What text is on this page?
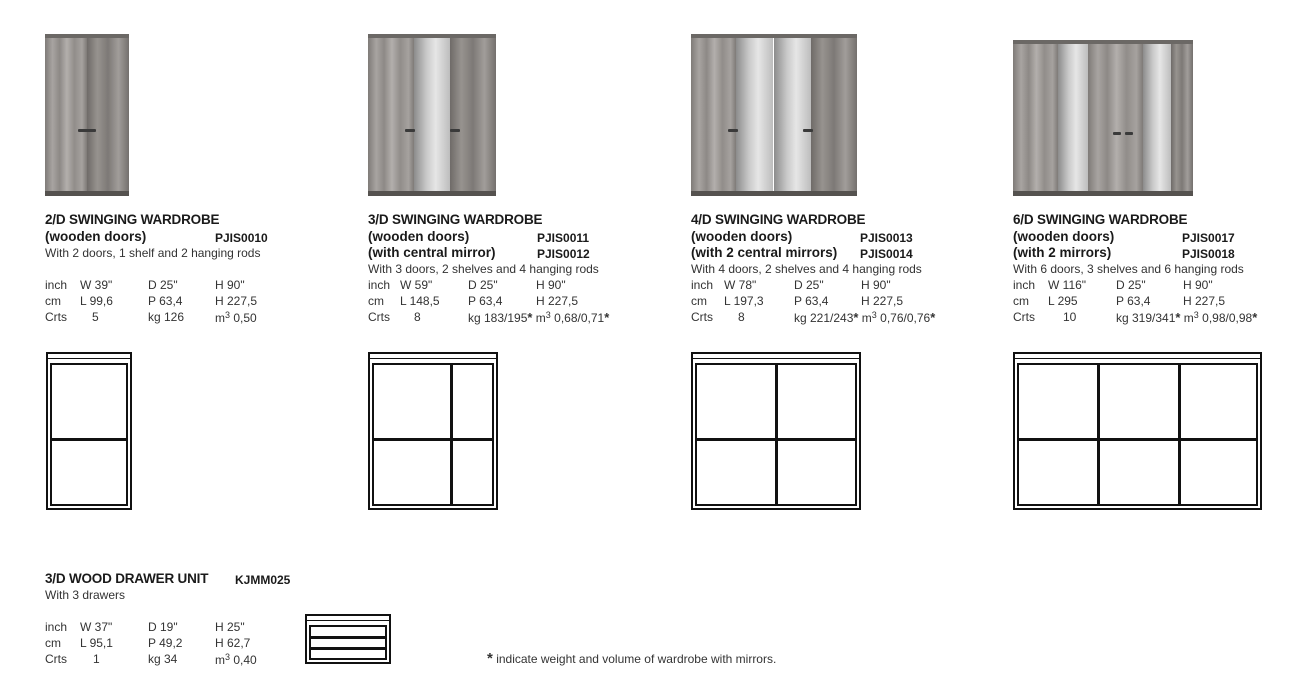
2/D SWINGING WARDROBE
(wooden doors)	PJIS0010
With 2 doors, 1 shelf and 2 hanging rods
inch W 39"	D 25"	H 90"
cm L 99,6	P 63,4	H 227,5
Crts 5	kg 126	$m^3$ 0,50
3/D SWINGING WARDROBE
(wooden doors)	PJIS0011
(with central mirror)	PJIS0012
With 3 doors, 2 shelves and 4 hanging rods
inch W 59"	D 25"	H 90"
cm L 148,5 P 63,4	H 227,5
Crts 8	kg 183/195* $m^3$ 0,68/0,71*
4/D SWINGING WARDROBE
(wooden doors)	PJIS0013
(with 2 central mirrors) PJIS0014
With 4 doors, 2 shelves and 4 hanging rods
inch W 78"	D 25"	H 90"
cm L 197,3	P 63,4	H 227,5
Crts 8	kg 221/243* $m^3$ 0,76/0,76*
6/D SWINGING WARDROBE
(wooden doors)	PJIS0017
(with 2 mirrors)	PJIS0018
With 6 doors, 3 shelves and 6 hanging rods
inch W 116" D 25"	H 90"
cm L 295	P 63,4	H 227,5
Crts 10	kg 319/341* $m^3$ 0,98/0,98*
3/D WOOD DRAWER UNIT KJMM025
With 3 drawers
inch W 37"	D 19"	H 25"
cm L 95,1	P 49,2	H 62,7
Crts 1	kg 34	$m^3$ 0,40	* indicate weight and volume of wardrobe with mirrors.
